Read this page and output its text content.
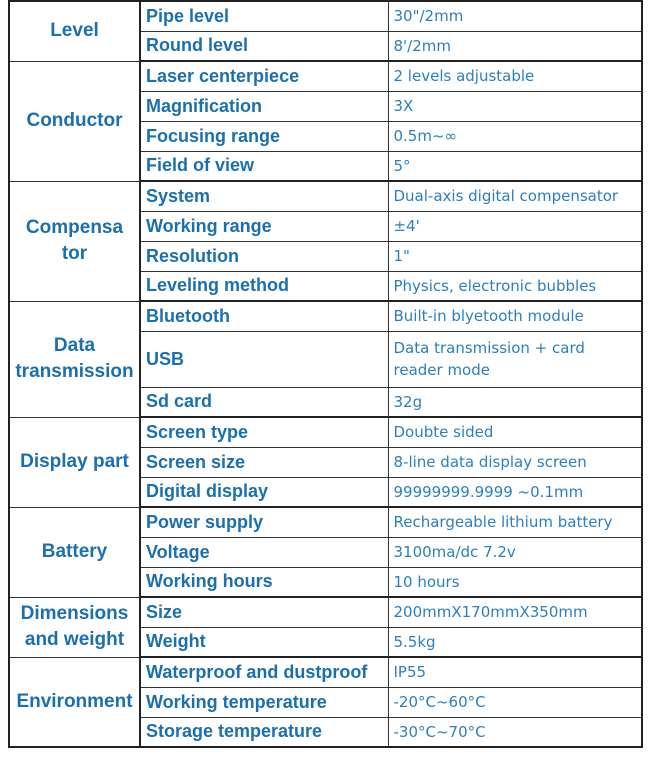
Level	Pipe level	30"/2mm
	Round level	8'/2mm
Conductor	Laser centerpiece	2 levels adjustable
	Magnification	3X
	Focusing range	0.5m~∞
	Field of view	5°
Compensa tor	System	Dual-axis digital compensator
	Working range	±4'
	Resolution	1"
	Leveling method	Physics, electronic bubbles
Data transmission	Bluetooth	Built-in blyetooth module
	USB	Data transmission + card reader mode
	Sd card	32g
Display part	Screen type	Doubte sided
	Screen size	8-line data display screen
	Digital display	99999999.9999 ~0.1mm
Battery	Power supply	Rechargeable lithium battery
	Voltage	3100ma/dc 7.2v
	Working hours	10 hours
Dimensions and weight	Size	200mmX170mmX350mm
	Weight	5.5kg
Environment	Waterproof and dustproof	IP55
	Working temperature	-20°C~60°C
	Storage temperature	-30°C~70°C
